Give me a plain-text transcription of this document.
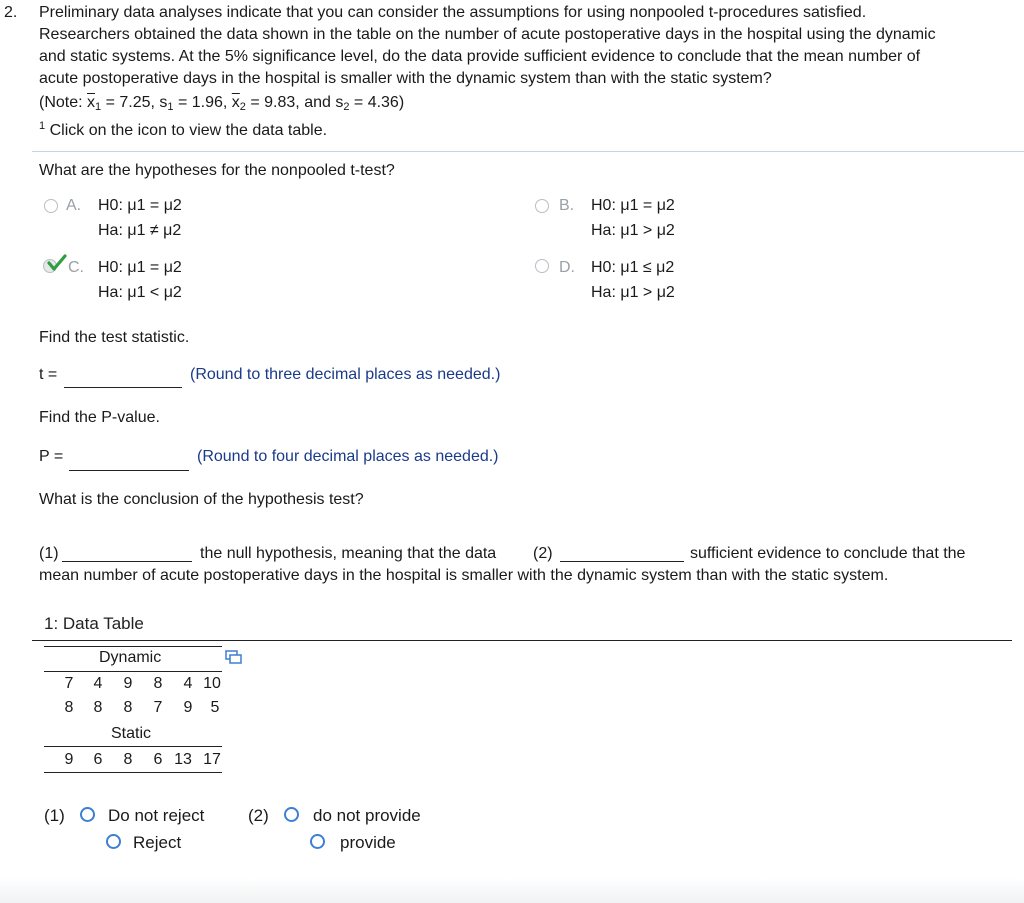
2. Preliminary data analyses indicate that you can consider the assumptions for using nonpooled t-procedures satisfied.
Researchers obtained the data shown in the table on the number of acute postoperative days in the hospital using the dynamic
and static systems. At the 5% significance level, do the data provide sufficient evidence to conclude that the mean number of
acute postoperative days in the hospital is smaller with the dynamic system than with the static system?
(Note: $\overline{x}_1 = 7.25$, $s_1 = 1.96$, $\overline{x}_2 = 9.83$, and $s_2 = 4.36$)
$^1$ Click on the icon to view the data table.
What are the hypotheses for the nonpooled t-test?
A. H0: μ1 = μ2
Ha: μ1 ≠ μ2
B. H0: μ1 = μ2
Ha: μ1 > μ2
C. H0: μ1 = μ2
Ha: μ1 < μ2
D. H0: μ1 ≤ μ2
Ha: μ1 > μ2
Find the test statistic.
t =	(Round to three decimal places as needed.)
Find the P-value.
P =	(Round to four decimal places as needed.)
What is the conclusion of the hypothesis test?
(1)	the null hypothesis, meaning that the data (2)	sufficient evidence to conclude that the
mean number of acute postoperative days in the hospital is smaller with the dynamic system than with the static system.
1: Data Table
Dynamic
7	4	9	8	4 10
8	8	8	7	9	5
Static
9	6	8	6 13 17
(1)	Do not reject
Reject
(2)	do not provide
provide
